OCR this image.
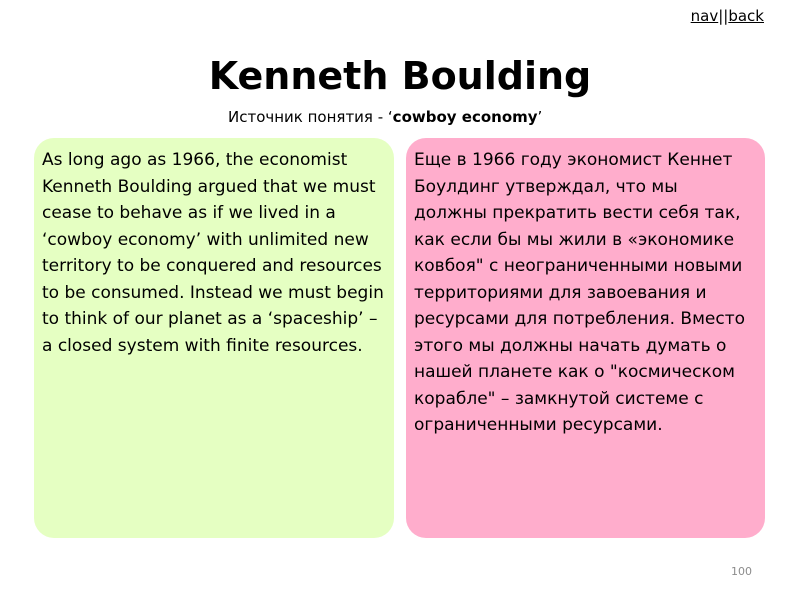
nav||back
Kenneth Boulding
Источник понятия - ‘cowboy economy’
As long ago as 1966, the economist Kenneth Boulding argued that we must cease to behave as if we lived in a ‘cowboy economy’ with unlimited new territory to be conquered and resources to be consumed. Instead we must begin to think of our planet as a ‘spaceship’ – a closed system with finite resources.
Еще в 1966 году экономист Кеннет Боулдинг утверждал, что мы должны прекратить вести себя так, как если бы мы жили в «экономике ковбоя" с неограниченными новыми территориями для завоевания и ресурсами для потребления. Вместо этого мы должны начать думать о нашей планете как о "космическом корабле" – замкнутой системе с ограниченными ресурсами.
100
